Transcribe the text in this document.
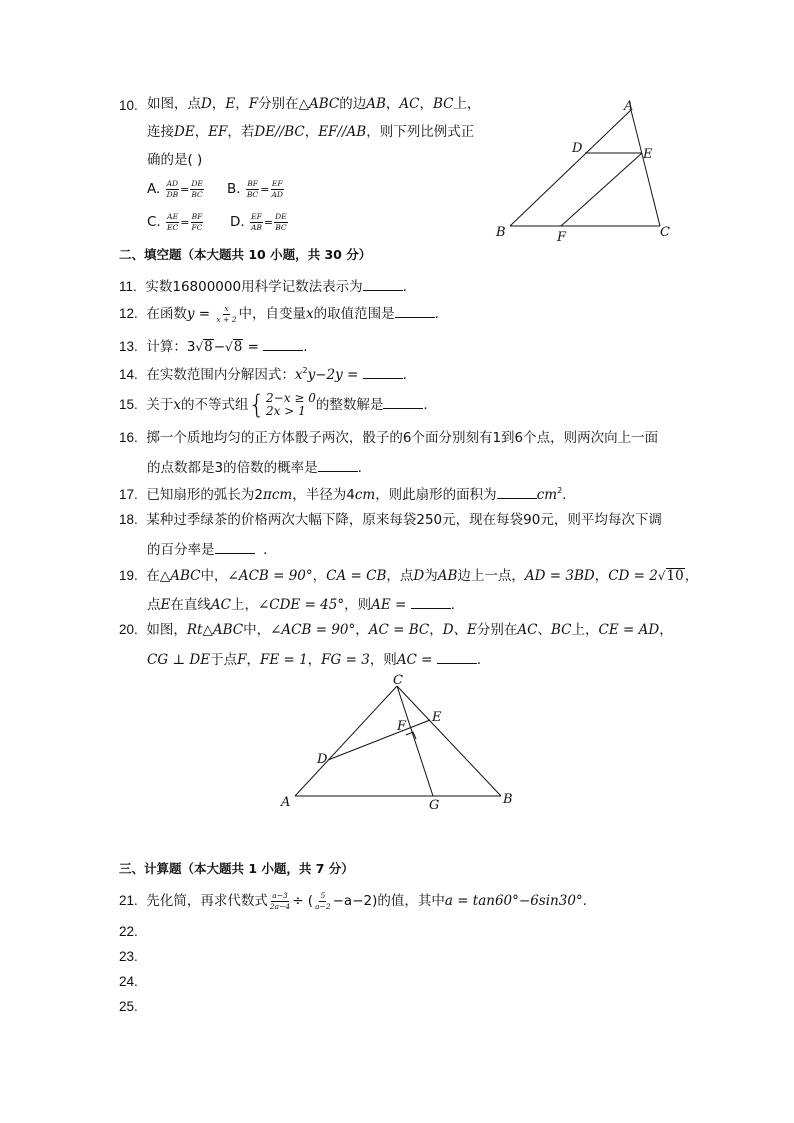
10. 如图，点D，E，F分别在△ABC的边AB，AC，BC上，
连接DE，EF，若DE//BC，EF//AB，则下列比例式正
确的是( )
A. $\frac{AD}{DB} = \frac{DE}{BC} B$. $\frac{BF}{BC} = \frac{EF}{AD}$
C. $\frac{AE}{EC} = \frac{BF}{FC} D$. $\frac{EF}{AB} = \frac{DE}{BC}$
A
B	C
D	E
F
二、填空题（本大题共 10 小题，共 30 分）
11. 实数16800000用科学记数法表示为	.
12. 在函数$y = \frac{x}{x + 2}$ 中，自变量x的取值范围是	.
13. 计算：3√8−√8 =	.
14. 在实数范围内分解因式：$x^2y-2y$ =	.
15. 关于x的不等式组 { 2−x ≥ 0
2x > 1 的整数解是	.
16. 掷一个质地均匀的正方体骰子两次，骰子的6个面分别刻有1到6个点，则两次向上一面
的点数都是3的倍数的概率是	.
17. 已知扇形的弧长为2πcm，半径为4cm，则此扇形的面积为	$cm^2$.
18. 某种过季绿茶的价格两次大幅下降，原来每袋250元，现在每袋90元，则平均每次下调
的百分率是	.
19. 在△ABC中，∠ACB = 90°，CA = CB，点D为AB边上一点，AD = 3BD，CD = 2√10，
点E在直线AC上，∠CDE = 45°，则AE =	.
20. 如图，Rt△ABC中，∠ACB = 90°，AC = BC，D、E分别在AC、BC上，CE = AD，
CG ⊥ DE于点F，FE = 1，FG = 3，则AC =	.
C
A	B
D
E
F
G
三、计算题（本大题共 1 小题，共 7 分）
21. 先化简，再求代数式 $\frac{a-3}{2a-4}$ ÷ ( $\frac{5}{a-2} -a-2$)的值，其中a = tan60°−6sin30°.
22.
23.
24.
25.
